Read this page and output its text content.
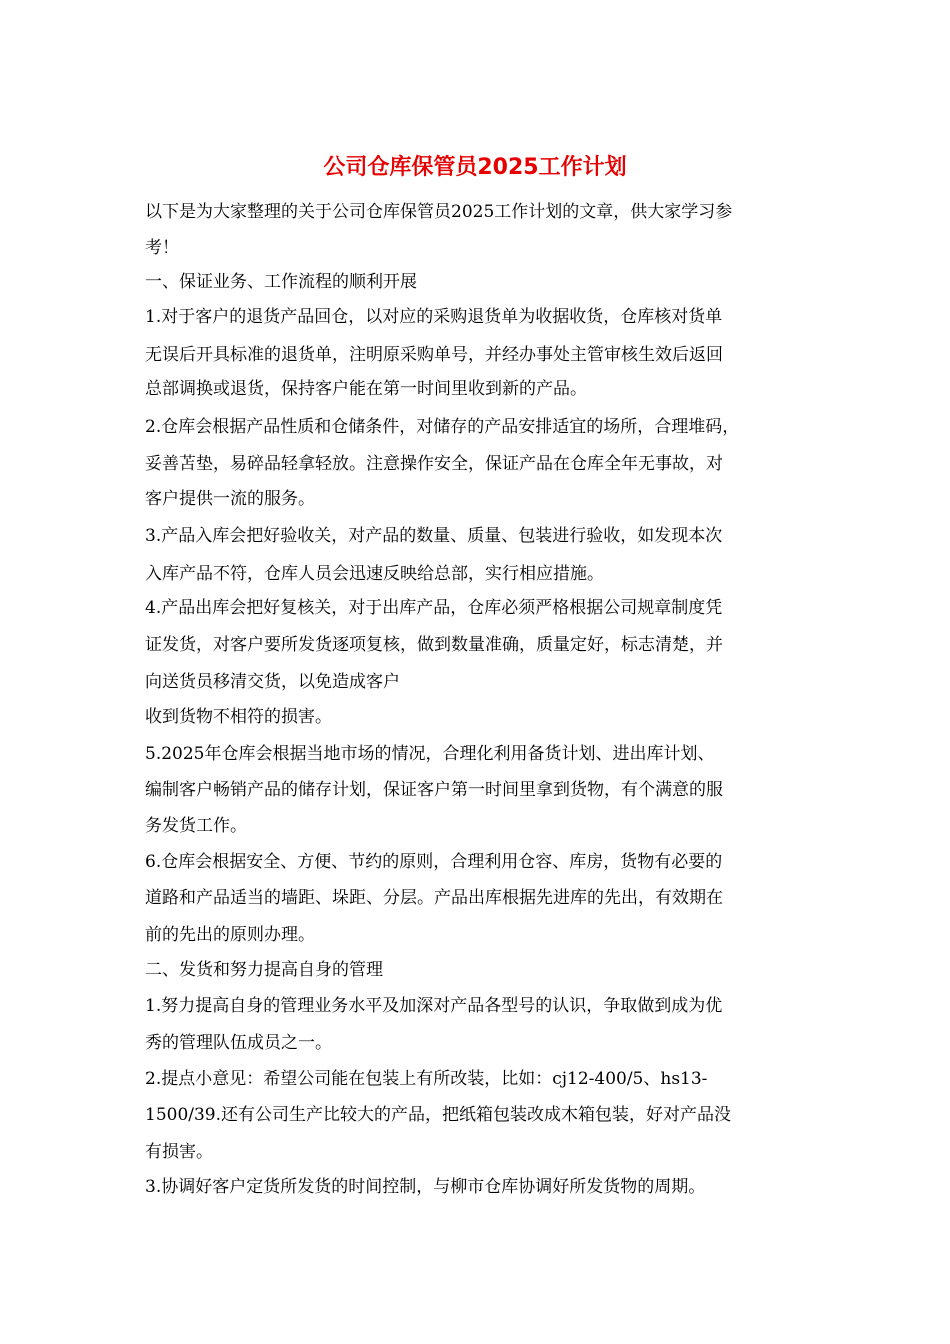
公司仓库保管员2025工作计划
以下是为大家整理的关于公司仓库保管员2025工作计划的文章，供大家学习参
考！
一、保证业务、工作流程的顺利开展
1.对于客户的退货产品回仓，以对应的采购退货单为收据收货，仓库核对货单
无误后开具标准的退货单，注明原采购单号，并经办事处主管审核生效后返回
总部调换或退货，保持客户能在第一时间里收到新的产品。
2.仓库会根据产品性质和仓储条件，对储存的产品安排适宜的场所，合理堆码，
妥善苫垫，易碎品轻拿轻放。注意操作安全，保证产品在仓库全年无事故，对
客户提供一流的服务。
3.产品入库会把好验收关，对产品的数量、质量、包装进行验收，如发现本次
入库产品不符，仓库人员会迅速反映给总部，实行相应措施。
4.产品出库会把好复核关，对于出库产品，仓库必须严格根据公司规章制度凭
证发货，对客户要所发货逐项复核，做到数量准确，质量定好，标志清楚，并
向送货员移清交货，以免造成客户
收到货物不相符的损害。
5.2025年仓库会根据当地市场的情况，合理化利用备货计划、进出库计划、
编制客户畅销产品的储存计划，保证客户第一时间里拿到货物，有个满意的服
务发货工作。
6.仓库会根据安全、方便、节约的原则，合理利用仓容、库房，货物有必要的
道路和产品适当的墙距、垛距、分层。产品出库根据先进库的先出，有效期在
前的先出的原则办理。
二、发货和努力提高自身的管理
1.努力提高自身的管理业务水平及加深对产品各型号的认识，争取做到成为优
秀的管理队伍成员之一。
2.提点小意见：希望公司能在包装上有所改装，比如：cj12-400/5、hs13-
1500/39.还有公司生产比较大的产品，把纸箱包装改成木箱包装，好对产品没
有损害。
3.协调好客户定货所发货的时间控制，与柳市仓库协调好所发货物的周期。
